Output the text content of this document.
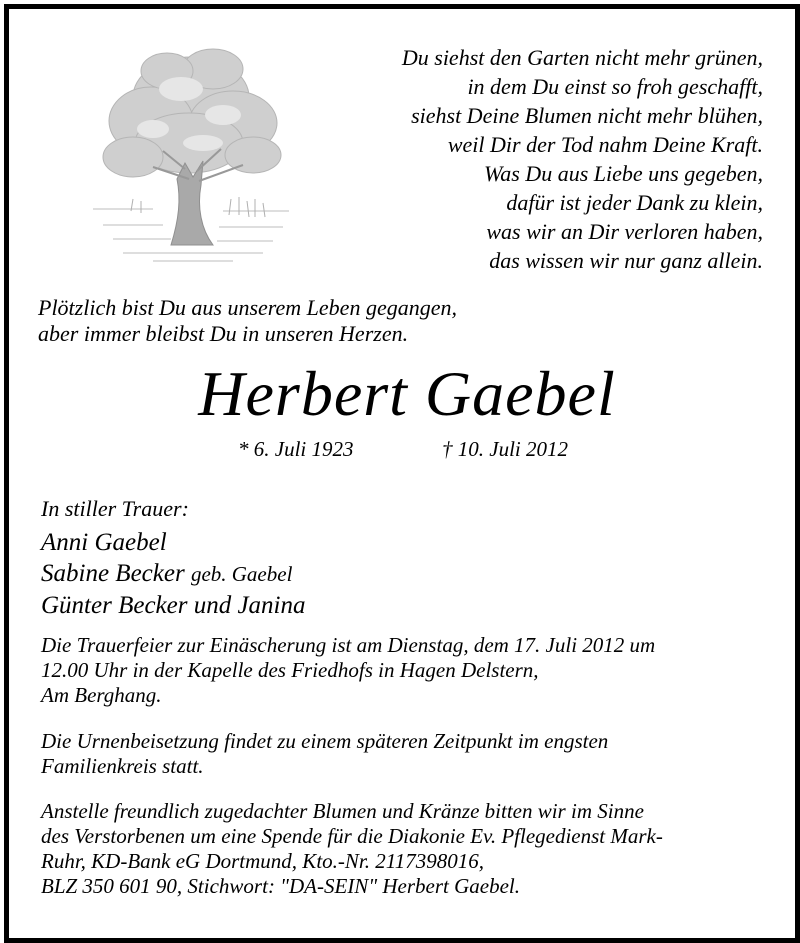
Du siehst den Garten nicht mehr grünen,
in dem Du einst so froh geschafft,
siehst Deine Blumen nicht mehr blühen,
weil Dir der Tod nahm Deine Kraft.
Was Du aus Liebe uns gegeben,
dafür ist jeder Dank zu klein,
was wir an Dir verloren haben,
das wissen wir nur ganz allein.
Plötzlich bist Du aus unserem Leben gegangen,
aber immer bleibst Du in unseren Herzen.
Herbert Gaebel
* 6. Juli 1923	† 10. Juli 2012
In stiller Trauer:
Anni Gaebel
Sabine Becker geb. Gaebel
Günter Becker und Janina
Die Trauerfeier zur Einäscherung ist am Dienstag, dem 17. Juli 2012 um
12.00 Uhr in der Kapelle des Friedhofs in Hagen Delstern,
Am Berghang.
Die Urnenbeisetzung findet zu einem späteren Zeitpunkt im engsten
Familienkreis statt.
Anstelle freundlich zugedachter Blumen und Kränze bitten wir im Sinne
des Verstorbenen um eine Spende für die Diakonie Ev. Pflegedienst Mark-
Ruhr, KD-Bank eG Dortmund, Kto.-Nr. 2117398016,
BLZ 350 601 90, Stichwort: "DA-SEIN" Herbert Gaebel.
